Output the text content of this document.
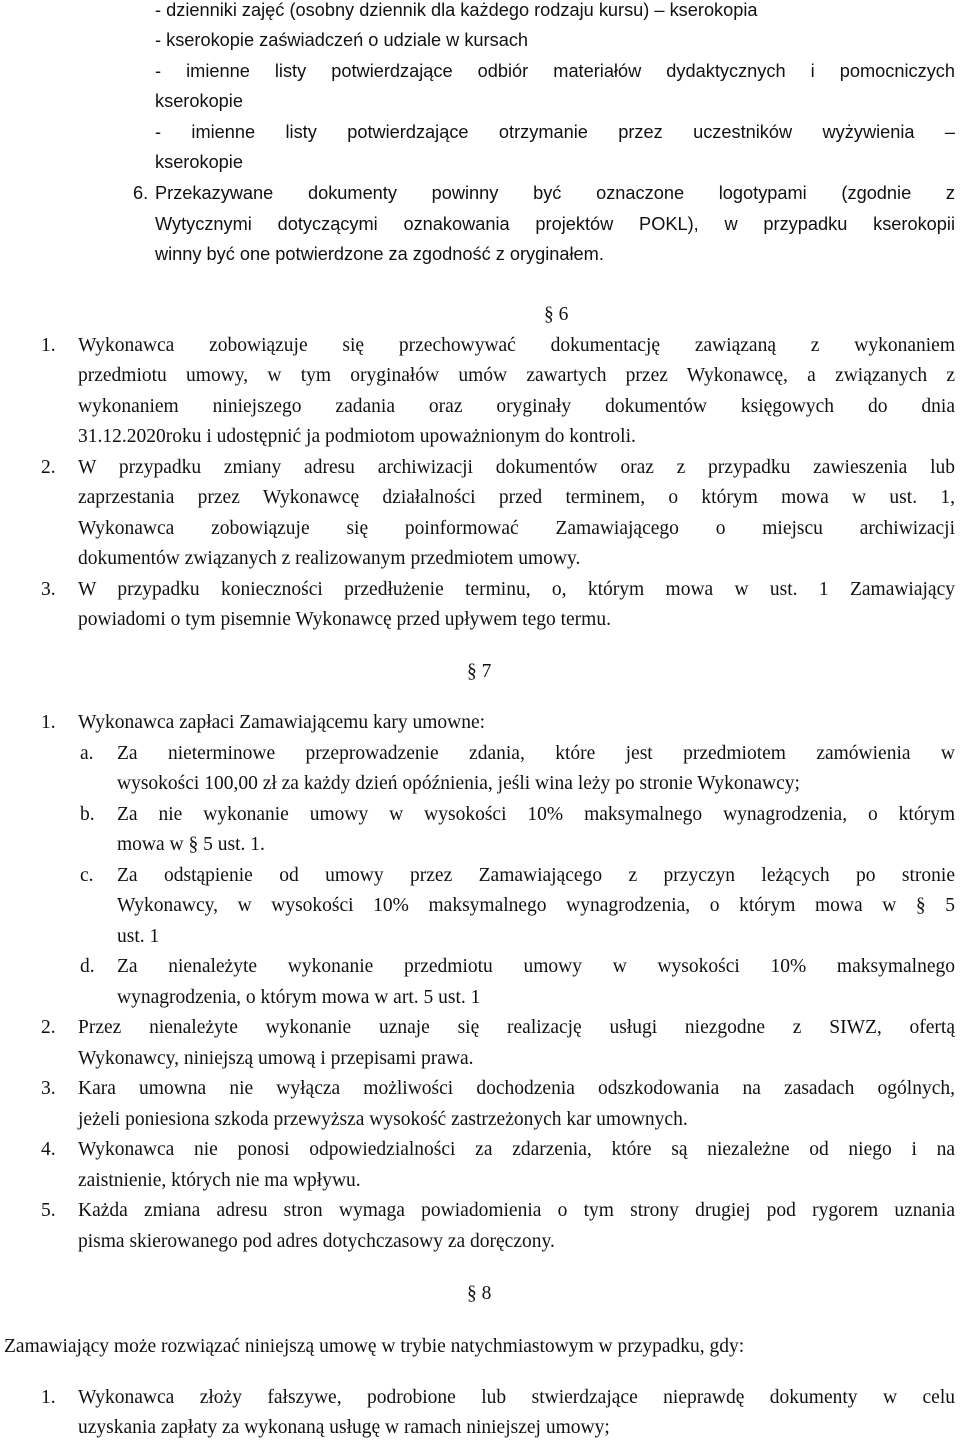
- dzienniki zajęć (osobny dziennik dla każdego rodzaju kursu) – kserokopia
- kserokopie zaświadczeń o udziale w kursach
- imienne listy potwierdzające odbiór materiałów dydaktycznych i pomocniczych
kserokopie
- imienne listy potwierdzające otrzymanie przez uczestników wyżywienia –
kserokopie
6. Przekazywane dokumenty powinny być oznaczone logotypami (zgodnie z
Wytycznymi dotyczącymi oznakowania projektów POKL), w przypadku kserokopii
winny być one potwierdzone za zgodność z oryginałem.
§ 6
1. Wykonawca zobowiązuje się przechowywać dokumentację zawiązaną z wykonaniem
przedmiotu umowy, w tym oryginałów umów zawartych przez Wykonawcę, a związanych z
wykonaniem niniejszego zadania oraz oryginały dokumentów księgowych do dnia
31.12.2020roku i udostępnić ja podmiotom upoważnionym do kontroli.
2. W przypadku zmiany adresu archiwizacji dokumentów oraz z przypadku zawieszenia lub
zaprzestania przez Wykonawcę działalności przed terminem, o którym mowa w ust. 1,
Wykonawca zobowiązuje się poinformować Zamawiającego o miejscu archiwizacji
dokumentów związanych z realizowanym przedmiotem umowy.
3. W przypadku konieczności przedłużenie terminu, o, którym mowa w ust. 1 Zamawiający
powiadomi o tym pisemnie Wykonawcę przed upływem tego termu.
§ 7
1. Wykonawca zapłaci Zamawiającemu kary umowne:
a. Za nieterminowe przeprowadzenie zdania, które jest przedmiotem zamówienia w
wysokości 100,00 zł za każdy dzień opóźnienia, jeśli wina leży po stronie Wykonawcy;
b. Za nie wykonanie umowy w wysokości 10% maksymalnego wynagrodzenia, o którym
mowa w § 5 ust. 1.
c. Za odstąpienie od umowy przez Zamawiającego z przyczyn leżących po stronie
Wykonawcy, w wysokości 10% maksymalnego wynagrodzenia, o którym mowa w § 5
ust. 1
d. Za nienależyte wykonanie przedmiotu umowy w wysokości 10% maksymalnego
wynagrodzenia, o którym mowa w art. 5 ust. 1
2. Przez nienależyte wykonanie uznaje się realizację usługi niezgodne z SIWZ, ofertą
Wykonawcy, niniejszą umową i przepisami prawa.
3. Kara umowna nie wyłącza możliwości dochodzenia odszkodowania na zasadach ogólnych,
jeżeli poniesiona szkoda przewyższa wysokość zastrzeżonych kar umownych.
4. Wykonawca nie ponosi odpowiedzialności za zdarzenia, które są niezależne od niego i na
zaistnienie, których nie ma wpływu.
5. Każda zmiana adresu stron wymaga powiadomienia o tym strony drugiej pod rygorem uznania
pisma skierowanego pod adres dotychczasowy za doręczony.
§ 8
Zamawiający może rozwiązać niniejszą umowę w trybie natychmiastowym w przypadku, gdy:
1. Wykonawca złoży fałszywe, podrobione lub stwierdzające nieprawdę dokumenty w celu
uzyskania zapłaty za wykonaną usługę w ramach niniejszej umowy;
